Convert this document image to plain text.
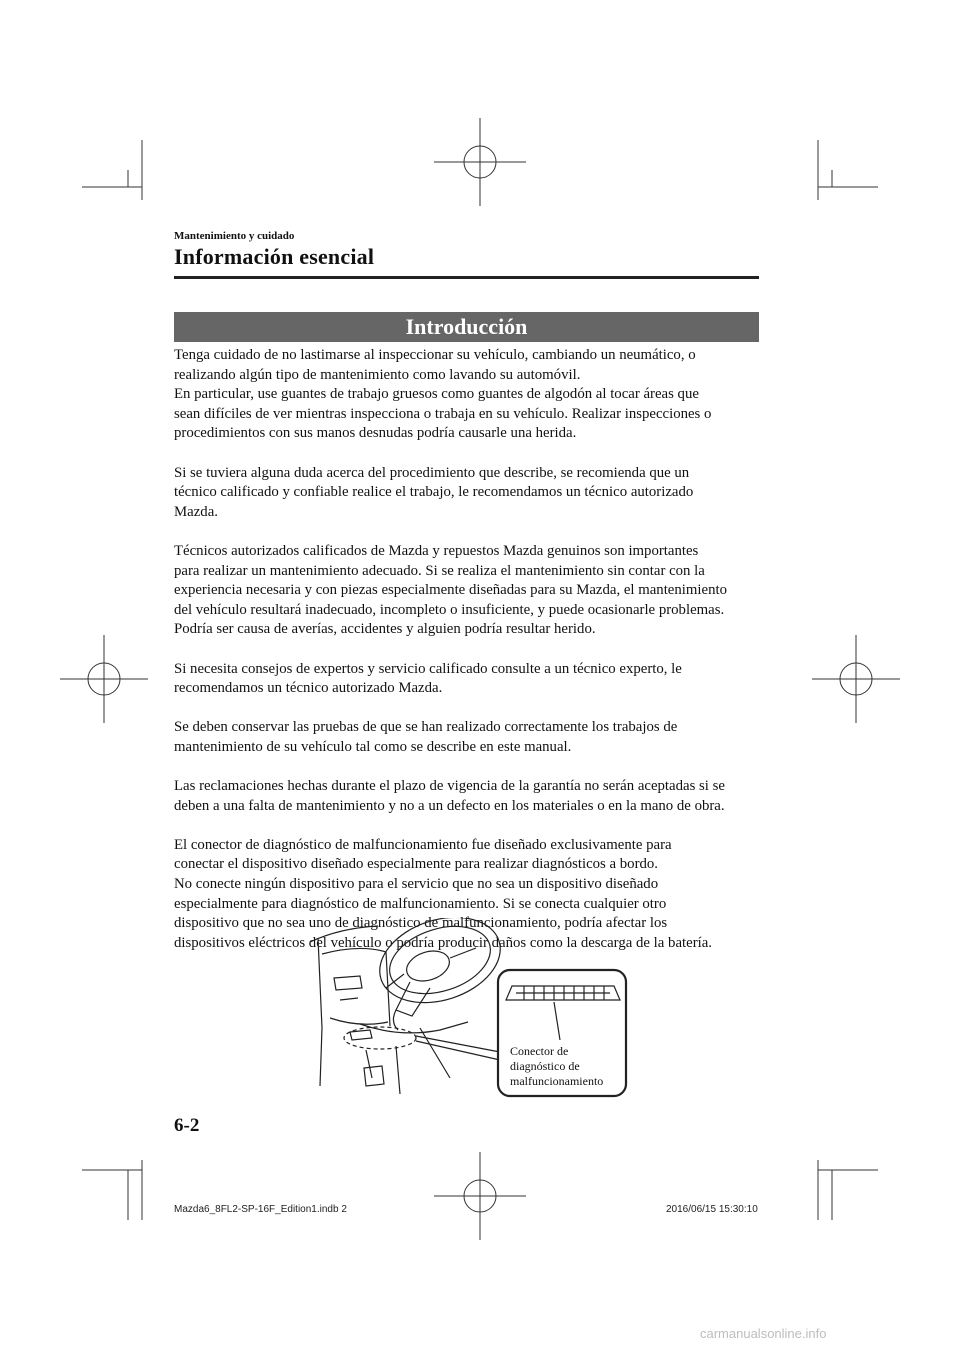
Mantenimiento y cuidado
Información esencial
Introducción

Tenga cuidado de no lastimarse al inspeccionar su vehículo, cambiando un neumático, o
realizando algún tipo de mantenimiento como lavando su automóvil.
En particular, use guantes de trabajo gruesos como guantes de algodón al tocar áreas que
sean difíciles de ver mientras inspecciona o trabaja en su vehículo. Realizar inspecciones o
procedimientos con sus manos desnudas podría causarle una herida.

Si se tuviera alguna duda acerca del procedimiento que describe, se recomienda que un
técnico calificado y confiable realice el trabajo, le recomendamos un técnico autorizado
Mazda.

Técnicos autorizados calificados de Mazda y repuestos Mazda genuinos son importantes
para realizar un mantenimiento adecuado. Si se realiza el mantenimiento sin contar con la
experiencia necesaria y con piezas especialmente diseñadas para su Mazda, el mantenimiento
del vehículo resultará inadecuado, incompleto o insuficiente, y puede ocasionarle problemas.
Podría ser causa de averías, accidentes y alguien podría resultar herido.

Si necesita consejos de expertos y servicio calificado consulte a un técnico experto, le
recomendamos un técnico autorizado Mazda.

Se deben conservar las pruebas de que se han realizado correctamente los trabajos de
mantenimiento de su vehículo tal como se describe en este manual.

Las reclamaciones hechas durante el plazo de vigencia de la garantía no serán aceptadas si se
deben a una falta de mantenimiento y no a un defecto en los materiales o en la mano de obra.

El conector de diagnóstico de malfuncionamiento fue diseñado exclusivamente para
conectar el dispositivo diseñado especialmente para realizar diagnósticos a bordo.
No conecte ningún dispositivo para el servicio que no sea un dispositivo diseñado
especialmente para diagnóstico de malfuncionamiento. Si se conecta cualquier otro
dispositivo que no sea uno de diagnóstico de malfuncionamiento, podría afectar los
dispositivos eléctricos del vehículo o podría producir daños como la descarga de la batería.

Conector de
diagnóstico de
malfuncionamiento
6-2
Mazda6_8FL2-SP-16F_Edition1.indb 2	2016/06/15 15:30:10
carmanualsonline.info
